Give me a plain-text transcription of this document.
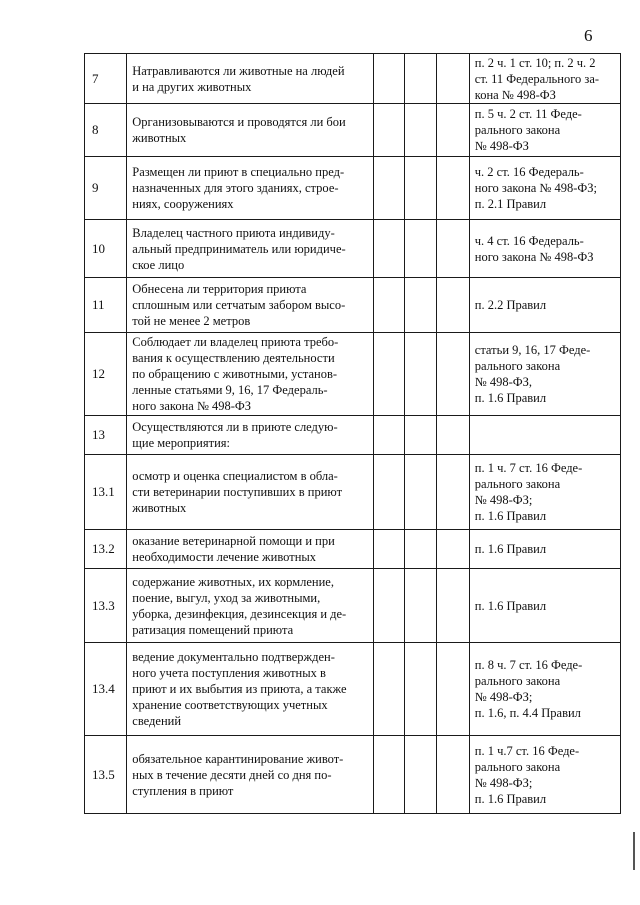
6
7	Натравливаются ли животные на людей
и на других животных				п. 2 ч. 1 ст. 10; п. 2 ч. 2
ст. 11 Федерального за-
кона № 498-ФЗ

8	Организовываются и проводятся ли бои
животных				п. 5 ч. 2 ст. 11 Феде-
рального закона
№ 498-ФЗ

9	Размещен ли приют в специально пред-
назначенных для этого зданиях, строе-
ниях, сооружениях				ч. 2 ст. 16 Федераль-
ного закона № 498-ФЗ;
п. 2.1 Правил

10	Владелец частного приюта индивиду-
альный предприниматель или юридиче-
ское лицо				ч. 4 ст. 16 Федераль-
ного закона № 498-ФЗ

11	Обнесена ли территория приюта
сплошным или сетчатым забором высо-
той не менее 2 метров				п. 2.2 Правил

12	Соблюдает ли владелец приюта требо-
вания к осуществлению деятельности
по обращению с животными, установ-
ленные статьями 9, 16, 17 Федераль-
ного закона № 498-ФЗ				статьи 9, 16, 17 Феде-
рального закона
№ 498-ФЗ,
п. 1.6 Правил

13	Осуществляются ли в приюте следую-
щие мероприятия:				

13.1	осмотр и оценка специалистом в обла-
сти ветеринарии поступивших в приют
животных				п. 1 ч. 7 ст. 16 Феде-
рального закона
№ 498-ФЗ;
п. 1.6 Правил

13.2	оказание ветеринарной помощи и при
необходимости лечение животных				п. 1.6 Правил

13.3	содержание животных, их кормление,
поение, выгул, уход за животными,
уборка, дезинфекция, дезинсекция и де-
ратизация помещений приюта				п. 1.6 Правил

13.4	ведение документально подтвержден-
ного учета поступления животных в
приют и их выбытия из приюта, а также
хранение соответствующих учетных
сведений				п. 8 ч. 7 ст. 16 Феде-
рального закона
№ 498-ФЗ;
п. 1.6, п. 4.4 Правил

13.5	обязательное карантинирование живот-
ных в течение десяти дней со дня по-
ступления в приют				п. 1 ч.7 ст. 16 Феде-
рального закона
№ 498-ФЗ;
п. 1.6 Правил
